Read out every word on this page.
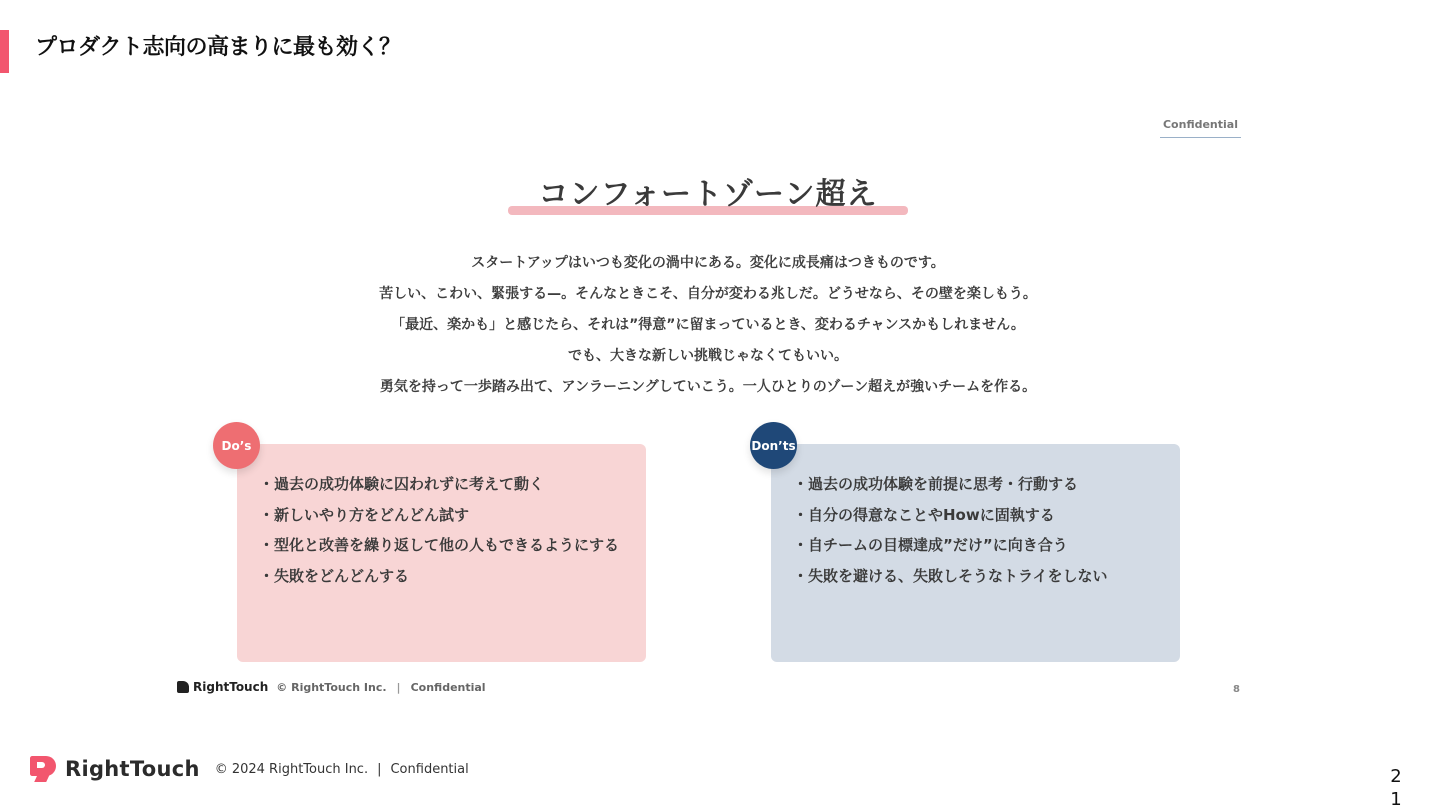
プロダクト志向の高まりに最も効く？
Confidential
コンフォートゾーン超え
スタートアップはいつも変化の渦中にある。変化に成長痛はつきものです。
苦しい、こわい、緊張する—。そんなときこそ、自分が変わる兆しだ。どうせなら、その壁を楽しもう。
「最近、楽かも」と感じたら、それは”得意”に留まっているとき、変わるチャンスかもしれません。
でも、大きな新しい挑戦じゃなくてもいい。
勇気を持って一歩踏み出て、アンラーニングしていこう。一人ひとりのゾーン超えが強いチームを作る。
・過去の成功体験に囚われずに考えて動く
・新しいやり方をどんどん試す
・型化と改善を繰り返して他の人もできるようにする
・失敗をどんどんする
Do’s
・過去の成功体験を前提に思考・行動する
・自分の得意なことやHowに固執する
・自チームの目標達成”だけ”に向き合う
・失敗を避ける、失敗しそうなトライをしない
Don’ts
RightTouch © RightTouch Inc. | Confidential	8
RightTouch © 2024 RightTouch Inc. | Confidential	21
